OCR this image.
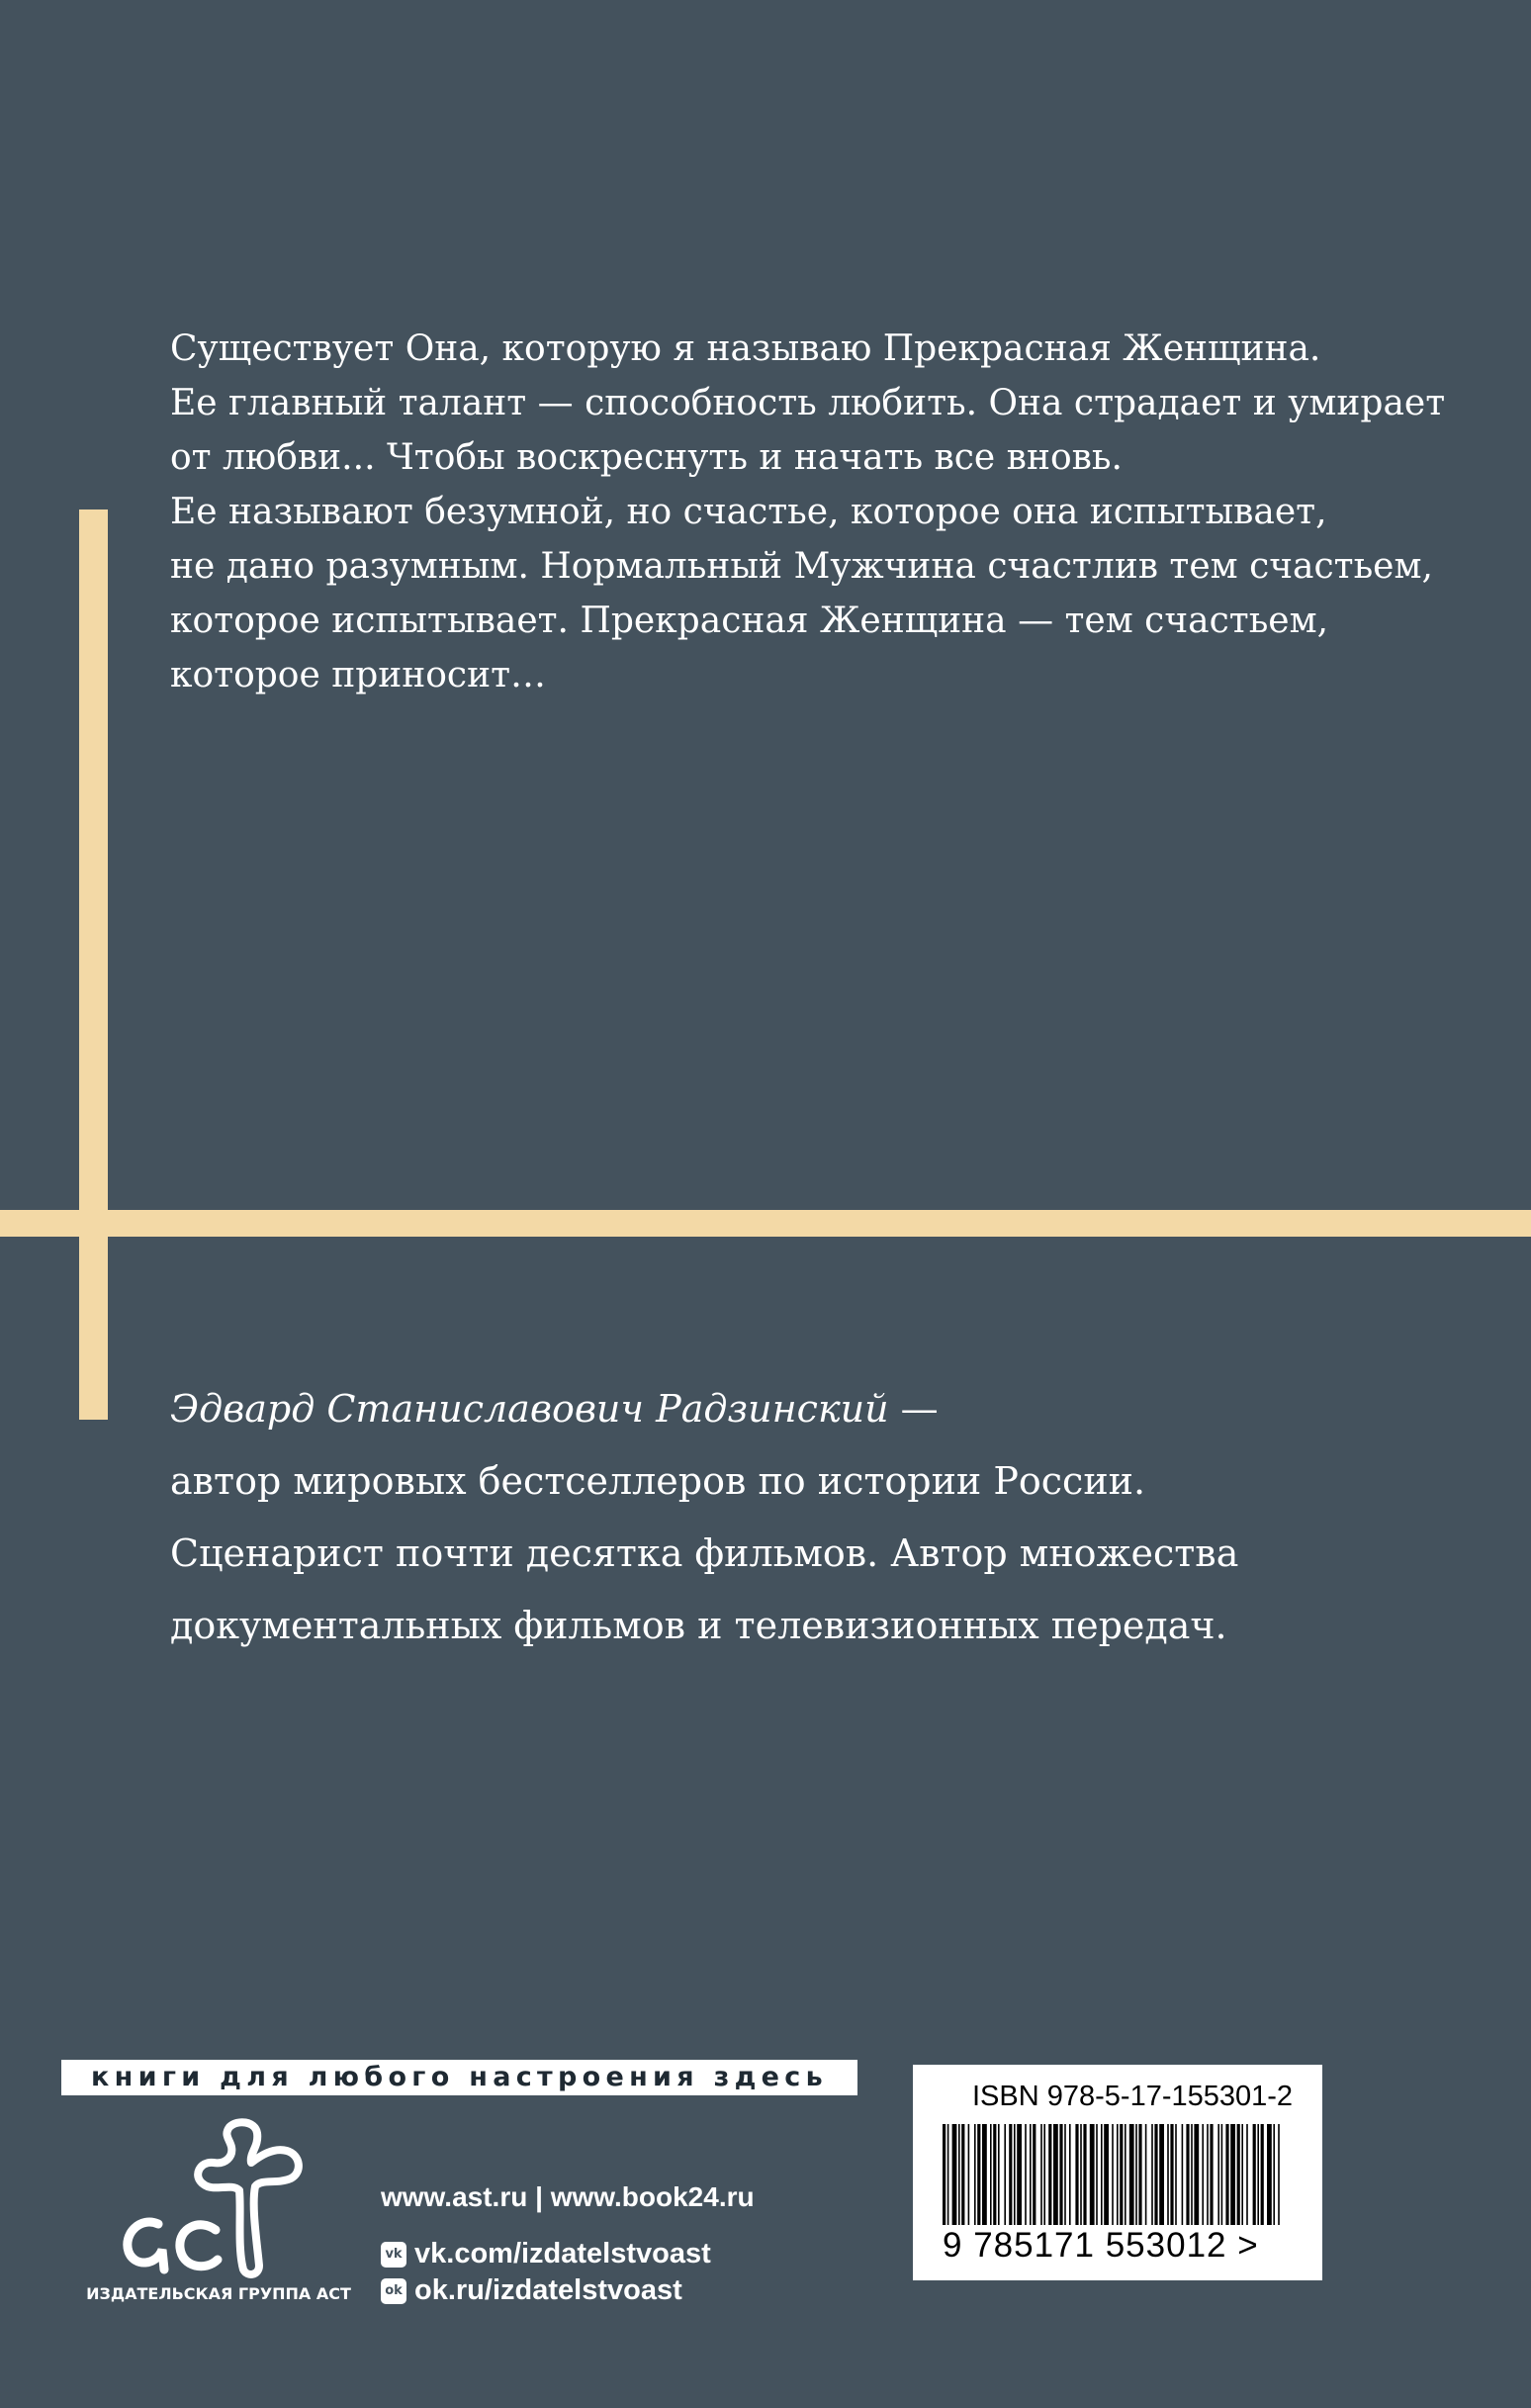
Существует Она, которую я называю Прекрасная Женщина.
Ее главный талант — способность любить. Она страдает и умирает
от любви... Чтобы воскреснуть и начать все вновь.
Ее называют безумной, но счастье, которое она испытывает,
не дано разумным. Нормальный Мужчина счастлив тем счастьем,
которое испытывает. Прекрасная Женщина — тем счастьем,
которое приносит…
Эдвард Станиславович Радзинский —
автор мировых бестселлеров по истории России.
Сценарист почти десятка фильмов. Автор множества
документальных фильмов и телевизионных передач.
книги для любого настроения здесь
аст
ИЗДАТЕЛЬСКАЯ ГРУППА АСТ
www.ast.ru | www.book24.ru
vk vk.com/ izdatelstvoast
ok ok.ru/ izdatelstvoast
ISBN 978-5-17-155301-2
9 785171 553012 >
